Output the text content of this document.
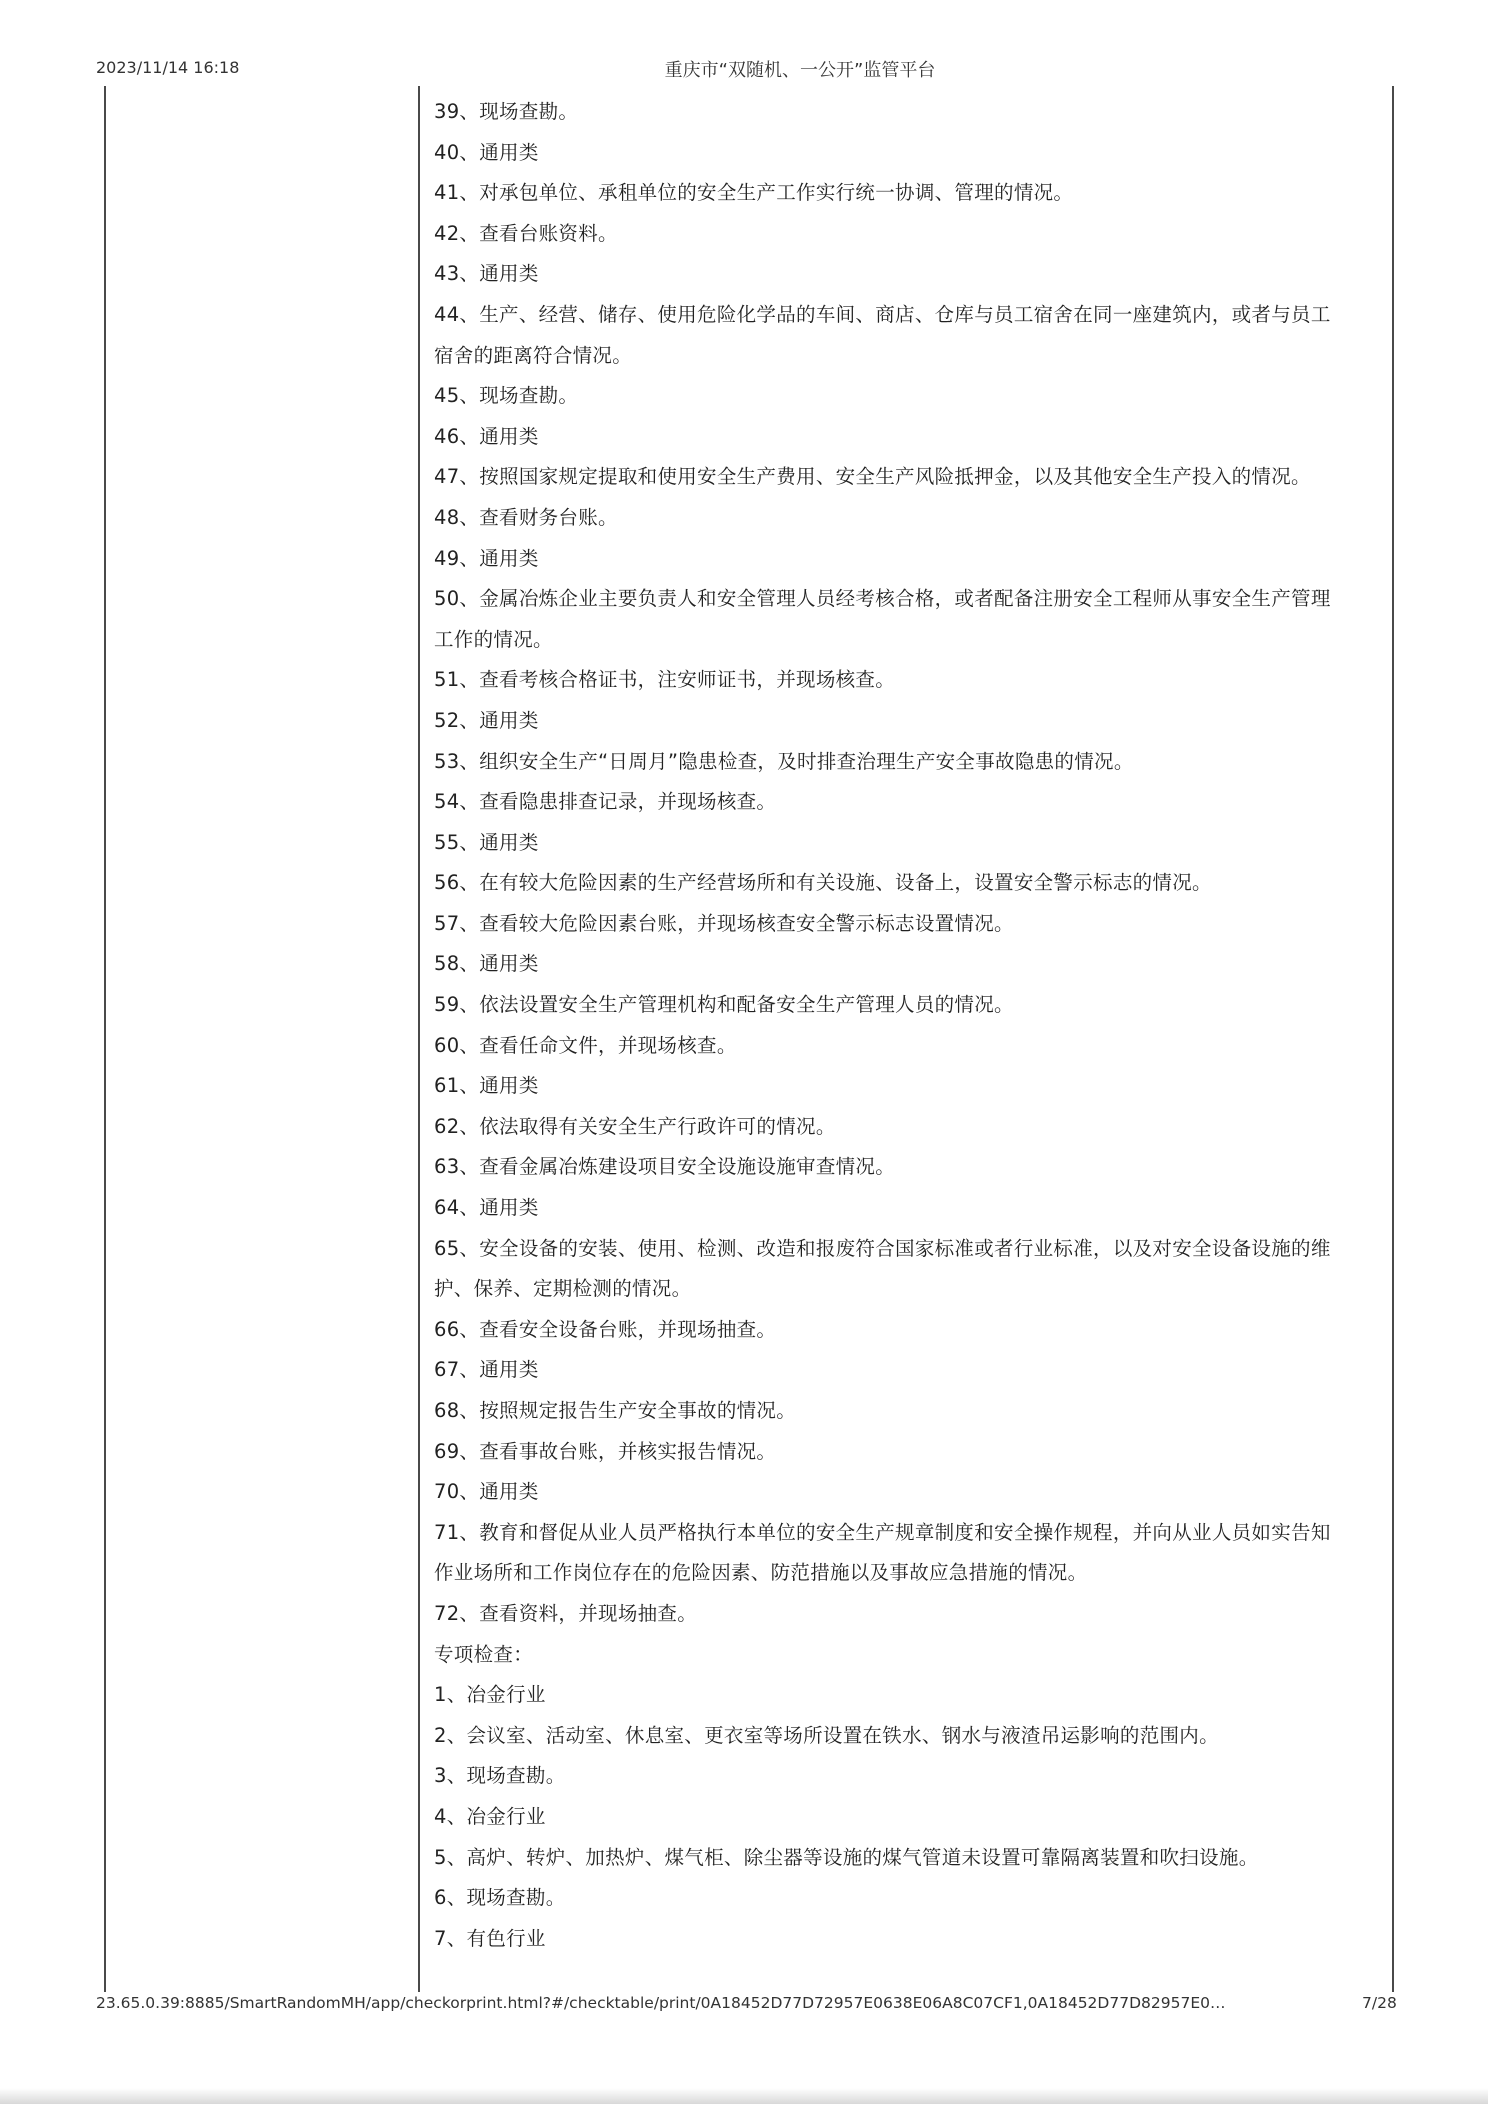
2023/11/14 16:18	重庆市“双随机、一公开”监管平台
39、现场查勘。
40、通用类
41、对承包单位、承租单位的安全生产工作实行统一协调、管理的情况。
42、查看台账资料。
43、通用类
44、生产、经营、储存、使用危险化学品的车间、商店、仓库与员工宿舍在同一座建筑内，或者与员工
宿舍的距离符合情况。
45、现场查勘。
46、通用类
47、按照国家规定提取和使用安全生产费用、安全生产风险抵押金，以及其他安全生产投入的情况。
48、查看财务台账。
49、通用类
50、金属冶炼企业主要负责人和安全管理人员经考核合格，或者配备注册安全工程师从事安全生产管理
工作的情况。
51、查看考核合格证书，注安师证书，并现场核查。
52、通用类
53、组织安全生产“日周月”隐患检查，及时排查治理生产安全事故隐患的情况。
54、查看隐患排查记录，并现场核查。
55、通用类
56、在有较大危险因素的生产经营场所和有关设施、设备上，设置安全警示标志的情况。
57、查看较大危险因素台账，并现场核查安全警示标志设置情况。
58、通用类
59、依法设置安全生产管理机构和配备安全生产管理人员的情况。
60、查看任命文件，并现场核查。
61、通用类
62、依法取得有关安全生产行政许可的情况。
63、查看金属冶炼建设项目安全设施设施审查情况。
64、通用类
65、安全设备的安装、使用、检测、改造和报废符合国家标准或者行业标准，以及对安全设备设施的维
护、保养、定期检测的情况。
66、查看安全设备台账，并现场抽查。
67、通用类
68、按照规定报告生产安全事故的情况。
69、查看事故台账，并核实报告情况。
70、通用类
71、教育和督促从业人员严格执行本单位的安全生产规章制度和安全操作规程，并向从业人员如实告知
作业场所和工作岗位存在的危险因素、防范措施以及事故应急措施的情况。
72、查看资料，并现场抽查。
专项检查：
1、冶金行业
2、会议室、活动室、休息室、更衣室等场所设置在铁水、钢水与液渣吊运影响的范围内。
3、现场查勘。
4、冶金行业
5、高炉、转炉、加热炉、煤气柜、除尘器等设施的煤气管道未设置可靠隔离装置和吹扫设施。
6、现场查勘。
7、有色行业
23.65.0.39:8885/SmartRandomMH/app/checkorprint.html?#/checktable/print/0A18452D77D72957E0638E06A8C07CF1,0A18452D77D82957E0…	7/28
